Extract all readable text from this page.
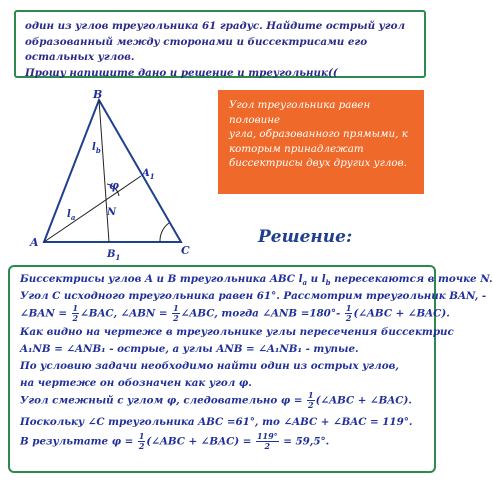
один из углов треугольника 61 градус. Найдите острый угол
образованный между сторонами и биссектрисами его остальных углов.
Прошу напишите дано и решение и треугольник((
B
A
C
N
$A_1$
$B_1$
$l_b$
$l_a$
φ
Угол треугольника равен половине
угла, образованного прямыми, к
которым принадлежат
биссектрисы двух других углов.
Решение:
Биссектрисы углов A и B треугольника ABC $l_a$ и $l_b$ пересекаются в точке N.
Угол C исходного треугольника равен 61°. Рассмотрим треугольник BAN, -
∠BAN = $\frac{1}{2}$ ∠BAC, ∠ABN = $\frac{1}{2}$ ∠ABC, тогда ∠ANB $=180^\circ- \frac{1}{2}$ (∠ABC + ∠BAC).
Как видно на чертеже в треугольнике углы пересечения биссектрис
A₁NB = ∠ANB₁ - острые, а углы ANB = ∠A₁NB₁ - тупые.
По условию задачи необходимо найти один из острых углов,
на чертеже он обозначен как угол φ.
Угол смежный с углом φ, следовательно $\varphi = \frac{1}{2}$ (∠ABC + ∠BAC).
Поскольку ∠C треугольника ABC =61°, то ∠ABC + ∠BAC = 119°.
В результате $\varphi = \frac{1}{2}$ (∠ABC + ∠BAC) = $\frac{119^\circ}{2} = 59,5^\circ$.
